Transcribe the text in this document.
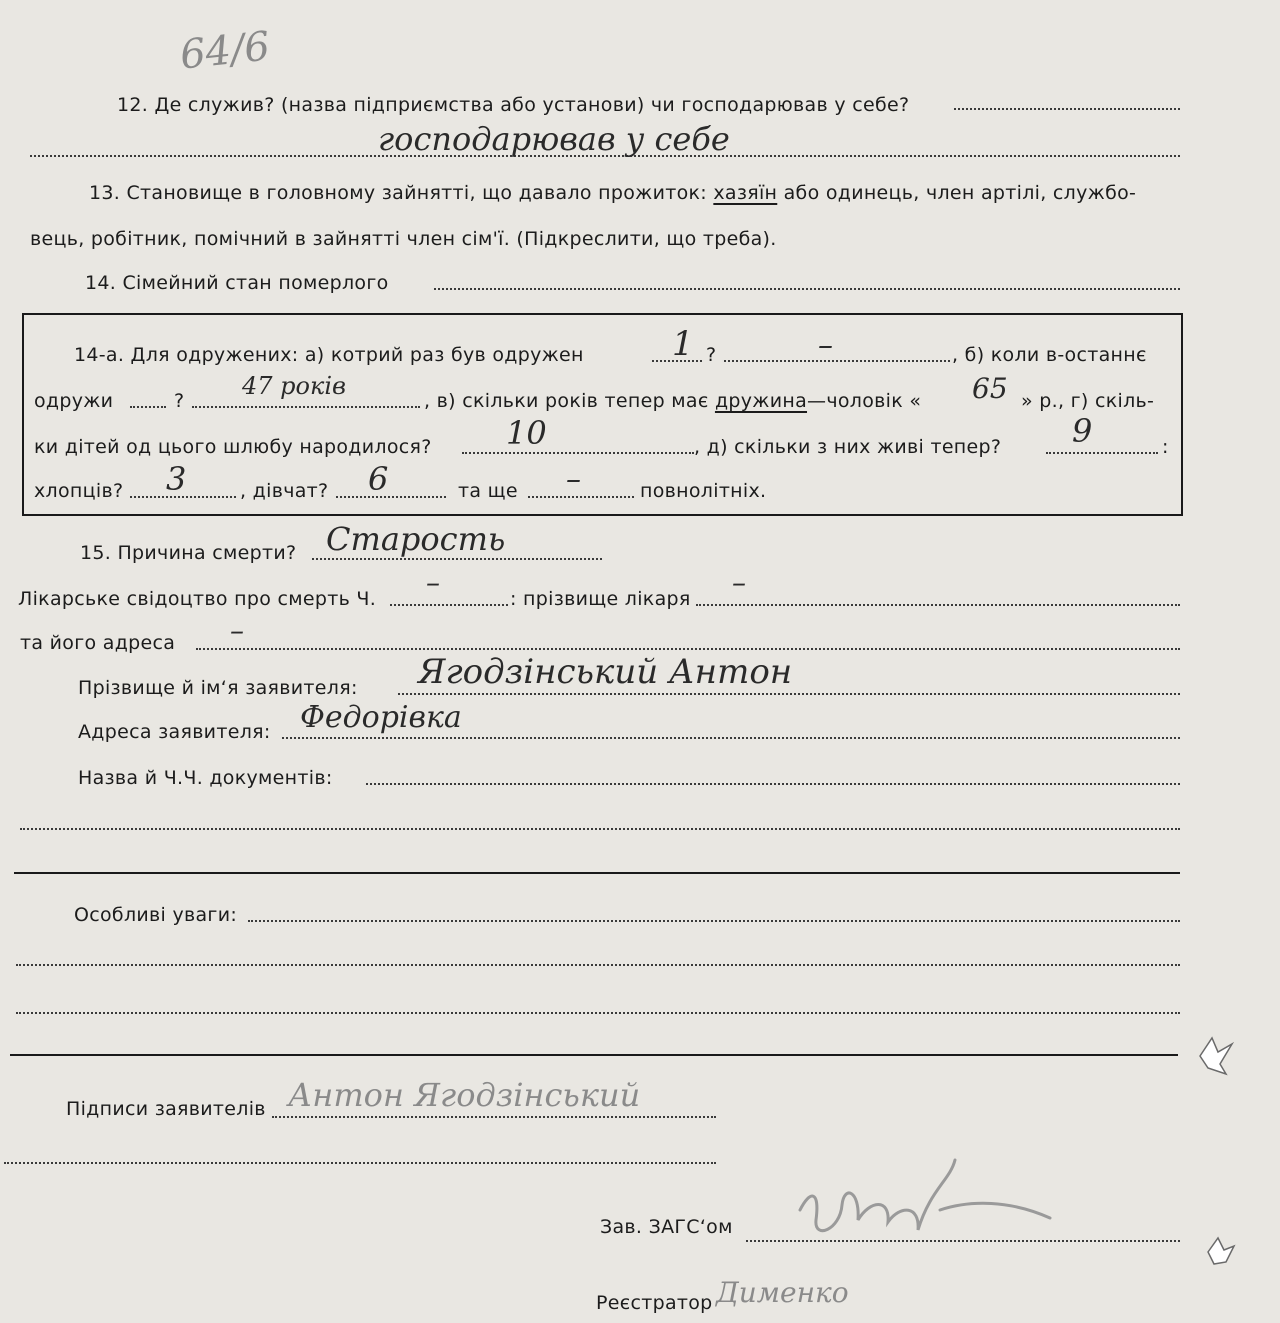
64/6
12. Де служив? (назва підприємства або установи) чи господарював у себе?
господарював у себе
13. Становище в головному зайнятті, що давало прожиток: хазяїн або одинець, член артілі, службо-
вець, робітник, помічний в зайнятті член сім'ї. (Підкреслити, що треба).
14. Сімейний стан померлого
14-а. Для одружених: а) котрий раз був одружен	1 ?	–	, б) коли в-останнє
одружи	?
47 років
, в) скільки років тепер має дружина—чоловік « 65 » р., г) скіль-
ки дітей од цього шлюбу народилося? 10	, д) скільки з них живі тепер? 9	:
хлопців? 3	, дівчат? 6	та ще –	повнолітніх.
15. Причина смерти? Старость
Лікарське свідоцтво про смерть Ч. –	: прізвище лікаря –
та його адреса –
Прізвище й ім‘я заявителя: Ягодзінський Антон
Адреса заявителя: Федорівка
Назва й Ч.Ч. документів:
Особливі уваги:
Підписи заявителів Антон Ягодзінський
Зав. ЗАГС‘ом
Реєстратор Дименко
